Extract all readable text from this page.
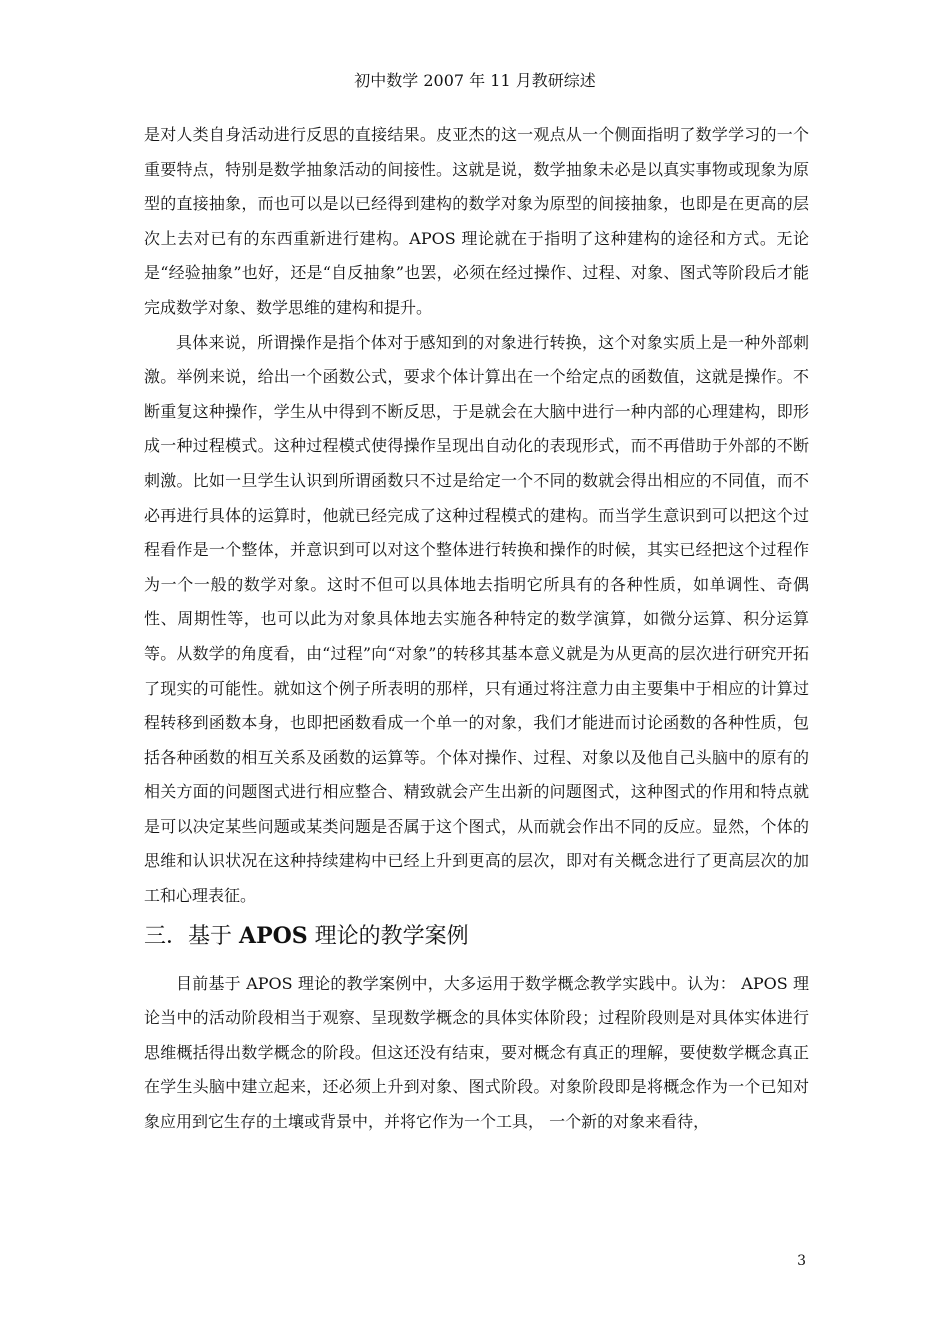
初中数学 2007 年 11 月教研综述

是对人类自身活动进行反思的直接结果。皮亚杰的这一观点从一个侧面指明了数学学习的一个重要特点，特别是数学抽象活动的间接性。这就是说，数学抽象未必是以真实事物或现象为原型的直接抽象，而也可以是以已经得到建构的数学对象为原型的间接抽象，也即是在更高的层次上去对已有的东西重新进行建构。APOS 理论就在于指明了这种建构的途径和方式。无论是“经验抽象”也好，还是“自反抽象”也罢，必须在经过操作、过程、对象、图式等阶段后才能完成数学对象、数学思维的建构和提升。

具体来说，所谓操作是指个体对于感知到的对象进行转换，这个对象实质上是一种外部刺激。举例来说，给出一个函数公式，要求个体计算出在一个给定点的函数值，这就是操作。不断重复这种操作，学生从中得到不断反思，于是就会在大脑中进行一种内部的心理建构，即形成一种过程模式。这种过程模式使得操作呈现出自动化的表现形式，而不再借助于外部的不断刺激。比如一旦学生认识到所谓函数只不过是给定一个不同的数就会得出相应的不同值，而不必再进行具体的运算时，他就已经完成了这种过程模式的建构。而当学生意识到可以把这个过程看作是一个整体，并意识到可以对这个整体进行转换和操作的时候，其实已经把这个过程作为一个一般的数学对象。这时不但可以具体地去指明它所具有的各种性质，如单调性、奇偶性、周期性等，也可以此为对象具体地去实施各种特定的数学演算，如微分运算、积分运算等。从数学的角度看，由“过程”向“对象”的转移其基本意义就是为从更高的层次进行研究开拓了现实的可能性。就如这个例子所表明的那样，只有通过将注意力由主要集中于相应的计算过程转移到函数本身，也即把函数看成一个单一的对象，我们才能进而讨论函数的各种性质，包括各种函数的相互关系及函数的运算等。个体对操作、过程、对象以及他自己头脑中的原有的相关方面的问题图式进行相应整合、精致就会产生出新的问题图式，这种图式的作用和特点就是可以决定某些问题或某类问题是否属于这个图式，从而就会作出不同的反应。显然，个体的思维和认识状况在这种持续建构中已经上升到更高的层次，即对有关概念进行了更高层次的加工和心理表征。

三．基于 APOS 理论的教学案例

目前基于 APOS 理论的教学案例中，大多运用于数学概念教学实践中。认为： APOS 理论当中的活动阶段相当于观察、呈现数学概念的具体实体阶段；过程阶段则是对具体实体进行思维概括得出数学概念的阶段。但这还没有结束，要对概念有真正的理解，要使数学概念真正在学生头脑中建立起来，还必须上升到对象、图式阶段。对象阶段即是将概念作为一个已知对象应用到它生存的土壤或背景中，并将它作为一个工具， 一个新的对象来看待，

3
